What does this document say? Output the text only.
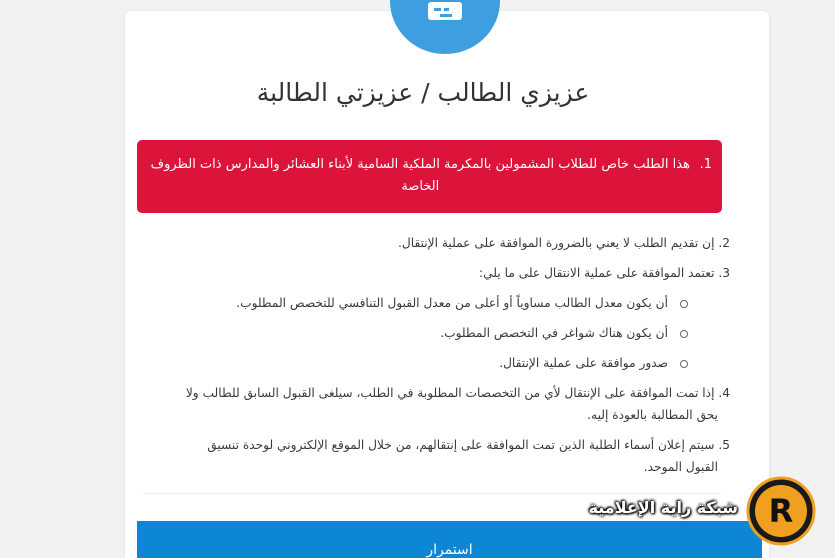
عزيزي الطالب / عزيزتي الطالبة
1.
هذا الطلب خاص للطلاب المشمولين بالمكرمة الملكية السامية لأبناء العشائر والمدارس ذات الظروف الخاصة
2. إن تقديم الطلب لا يعني بالضرورة الموافقة على عملية الإنتقال.
3. تعتمد الموافقة على عملية الانتقال على ما يلي:
أن يكون معدل الطالب مساوياً أو أعلى من معدل القبول التنافسي للتخصص المطلوب.
أن يكون هناك شواغر في التخصص المطلوب.
صدور موافقة على عملية الإنتقال.
4. إذا تمت الموافقة على الإنتقال لأي من التخصصات المطلوبة في الطلب، سيلغى القبول السابق للطالب ولا
يحق المطالبة بالعودة إليه.
5. سيتم إعلان أسماء الطلبة الذين تمت الموافقة على إنتقالهم، من خلال الموقع الإلكتروني لوحدة تنسيق
القبول الموحد.
استمرار
شبكة راية الإعلامية R
